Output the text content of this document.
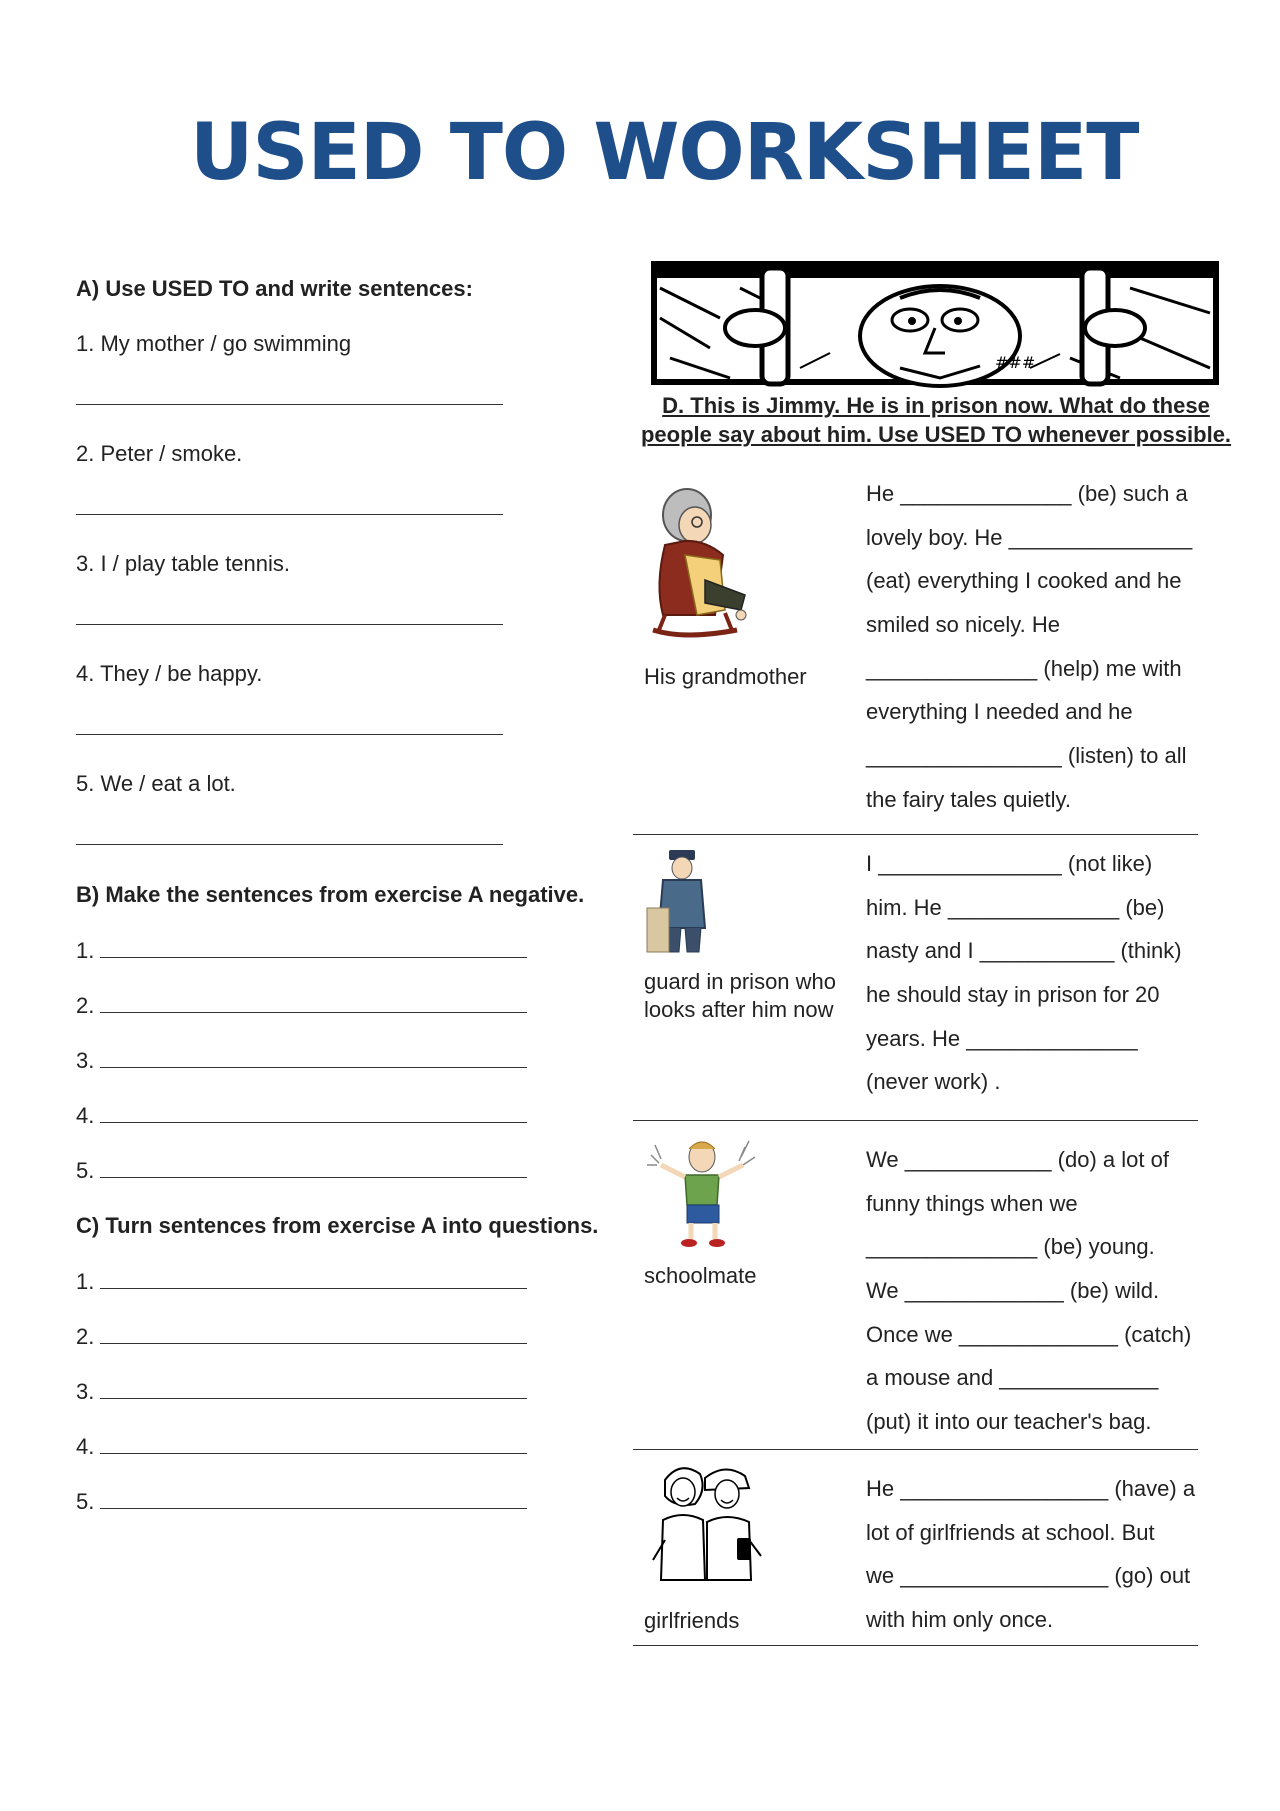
USED TO WORKSHEET
A) Use USED TO and write sentences:
1. My mother / go swimming
2. Peter / smoke.
3. I / play table tennis.
4. They / be happy.
5. We / eat a lot.
B) Make the sentences from exercise A negative.
1.
2.
3.
4.
5.
C) Turn sentences from exercise A into questions.
1.
2.
3.
4.
5.
###
D. This is Jimmy. He is in prison now. What do these
people say about him. Use USED TO whenever possible.
His grandmother
He ______________ (be) such a
lovely boy. He _______________
(eat) everything I cooked and he
smiled so nicely. He
______________ (help) me with
everything I needed and he
________________ (listen) to all
the fairy tales quietly.
guard in prison who
looks after him now
I _______________ (not like)
him. He ______________ (be)
nasty and I ___________ (think)
he should stay in prison for 20
years. He ______________
(never work) .
schoolmate
We ____________ (do) a lot of
funny things when we
______________ (be) young.
We _____________ (be) wild.
Once we _____________ (catch)
a mouse and _____________
(put) it into our teacher's bag.
girlfriends
He _________________ (have) a
lot of girlfriends at school. But
we _________________ (go) out
with him only once.
